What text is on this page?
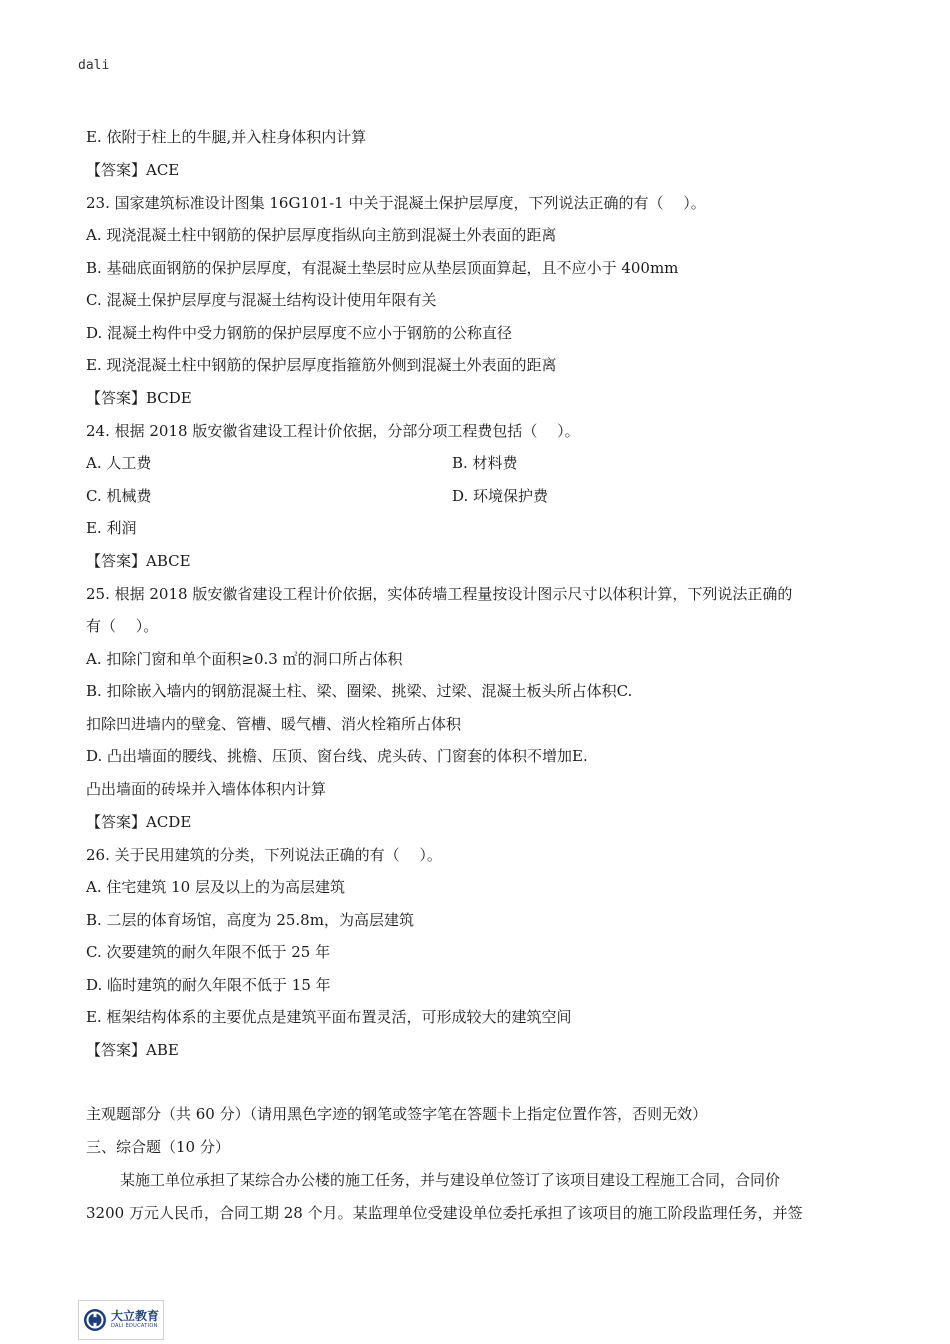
dali
E. 依附于柱上的牛腿,并入柱身体积内计算
【答案】ACE
23. 国家建筑标准设计图集 16G101-1 中关于混凝土保护层厚度，下列说法正确的有（　 ）。
A. 现浇混凝土柱中钢筋的保护层厚度指纵向主筋到混凝土外表面的距离
B. 基础底面钢筋的保护层厚度，有混凝土垫层时应从垫层顶面算起，且不应小于 400mm
C. 混凝土保护层厚度与混凝土结构设计使用年限有关
D. 混凝土构件中受力钢筋的保护层厚度不应小于钢筋的公称直径
E. 现浇混凝土柱中钢筋的保护层厚度指箍筋外侧到混凝土外表面的距离
【答案】BCDE
24. 根据 2018 版安徽省建设工程计价依据，分部分项工程费包括（　 ）。
A. 人工费	B. 材料费
C. 机械费	D. 环境保护费
E. 利润
【答案】ABCE
25. 根据 2018 版安徽省建设工程计价依据，实体砖墙工程量按设计图示尺寸以体积计算，下列说法正确的
有（　 ）。
A. 扣除门窗和单个面积≥0.3 ㎡的洞口所占体积
B. 扣除嵌入墙内的钢筋混凝土柱、梁、圈梁、挑梁、过梁、混凝土板头所占体积C.
扣除凹进墙内的壁龛、管槽、暖气槽、消火栓箱所占体积
D. 凸出墙面的腰线、挑檐、压顶、窗台线、虎头砖、门窗套的体积不增加E.
凸出墙面的砖垛并入墙体体积内计算
【答案】ACDE
26. 关于民用建筑的分类，下列说法正确的有（　 ）。
A. 住宅建筑 10 层及以上的为高层建筑
B. 二层的体育场馆，高度为 25.8m，为高层建筑
C. 次要建筑的耐久年限不低于 25 年
D. 临时建筑的耐久年限不低于 15 年
E. 框架结构体系的主要优点是建筑平面布置灵活，可形成较大的建筑空间
【答案】ABE
主观题部分（共 60 分）（请用黑色字迹的钢笔或签字笔在答题卡上指定位置作答，否则无效）
三、综合题（10 分）
某施工单位承担了某综合办公楼的施工任务，并与建设单位签订了该项目建设工程施工合同，合同价
3200 万元人民币，合同工期 28 个月。某监理单位受建设单位委托承担了该项目的施工阶段监理任务，并签
大立教育
DALI EDUCATION
